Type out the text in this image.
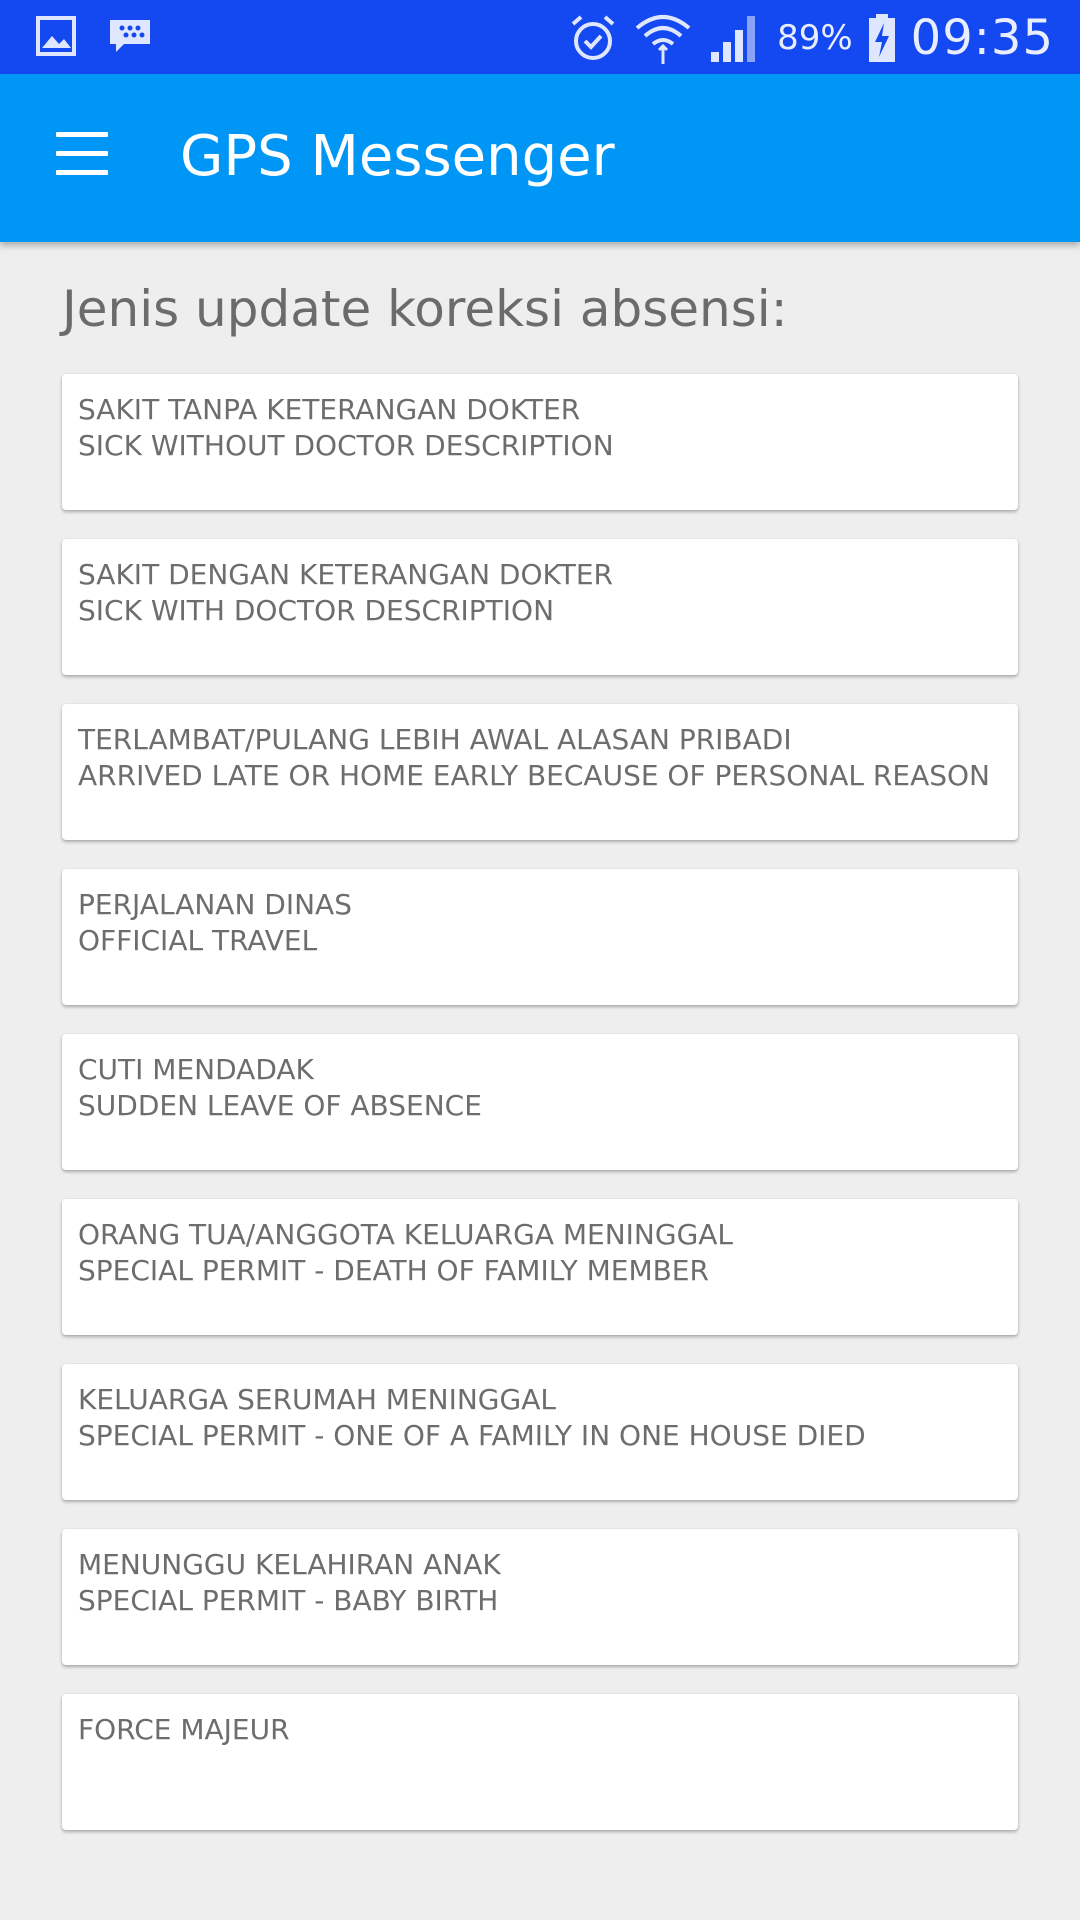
89% 09:35
GPS Messenger
Jenis update koreksi absensi:
SAKIT TANPA KETERANGAN DOKTER
SICK WITHOUT DOCTOR DESCRIPTION
SAKIT DENGAN KETERANGAN DOKTER
SICK WITH DOCTOR DESCRIPTION
TERLAMBAT/PULANG LEBIH AWAL ALASAN PRIBADI
ARRIVED LATE OR HOME EARLY BECAUSE OF PERSONAL REASON
PERJALANAN DINAS
OFFICIAL TRAVEL
CUTI MENDADAK
SUDDEN LEAVE OF ABSENCE
ORANG TUA/ANGGOTA KELUARGA MENINGGAL
SPECIAL PERMIT - DEATH OF FAMILY MEMBER
KELUARGA SERUMAH MENINGGAL
SPECIAL PERMIT - ONE OF A FAMILY IN ONE HOUSE DIED
MENUNGGU KELAHIRAN ANAK
SPECIAL PERMIT - BABY BIRTH
FORCE MAJEUR
